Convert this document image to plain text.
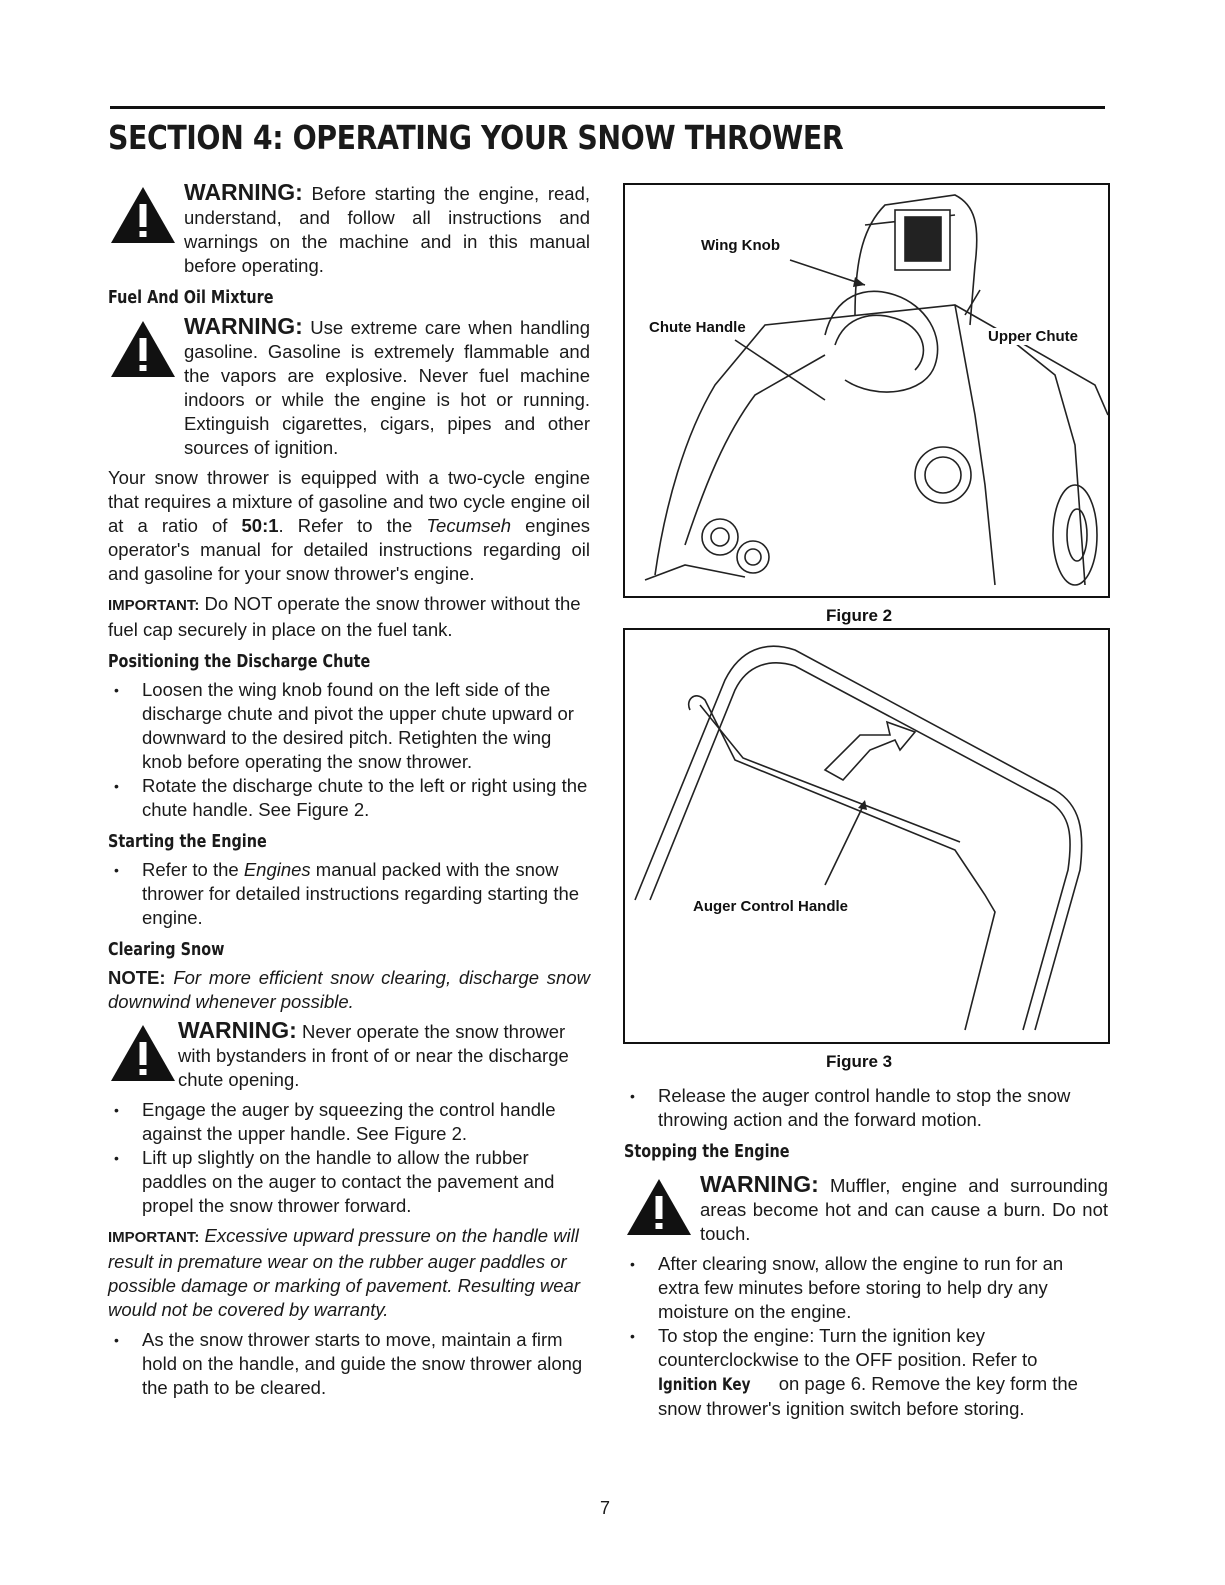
SECTION 4: OPERATING YOUR SNOW THROWER
WARNING: Before starting the engine, read, understand, and follow all instructions and warnings on the machine and in this manual before operating.
Fuel And Oil Mixture
WARNING: Use extreme care when handling gasoline. Gasoline is extremely flammable and the vapors are explosive. Never fuel machine indoors or while the engine is hot or running. Extinguish cigarettes, cigars, pipes and other sources of ignition.

Your snow thrower is equipped with a two-cycle engine that requires a mixture of gasoline and two cycle engine oil at a ratio of 50:1. Refer to the Tecumseh engines operator's manual for detailed instructions regarding oil and gasoline for your snow thrower's engine.

IMPORTANT: Do NOT operate the snow thrower without the fuel cap securely in place on the fuel tank.

Positioning the Discharge Chute
• Loosen the wing knob found on the left side of the discharge chute and pivot the upper chute upward or downward to the desired pitch. Retighten the wing knob before operating the snow thrower.
• Rotate the discharge chute to the left or right using the chute handle. See Figure 2.
Starting the Engine
• Refer to the Engines manual packed with the snow thrower for detailed instructions regarding starting the engine.
Clearing Snow

NOTE: For more efficient snow clearing, discharge snow downwind whenever possible.

WARNING: Never operate the snow thrower with bystanders in front of or near the discharge chute opening.
• Engage the auger by squeezing the control handle against the upper handle. See Figure 2.
• Lift up slightly on the handle to allow the rubber paddles on the auger to contact the pavement and propel the snow thrower forward.

IMPORTANT: Excessive upward pressure on the handle will result in premature wear on the rubber auger paddles or possible damage or marking of pavement. Resulting wear would not be covered by warranty.

• As the snow thrower starts to move, maintain a firm hold on the handle, and guide the snow thrower along the path to be cleared.
Wing Knob
Chute Handle
Upper Chute
Figure 2
Auger Control Handle
Figure 3
• Release the auger control handle to stop the snow throwing action and the forward motion.
Stopping the Engine
WARNING: Muffler, engine and surrounding areas become hot and can cause a burn. Do not touch.
• After clearing snow, allow the engine to run for an extra few minutes before storing to help dry any moisture on the engine.
• To stop the engine: Turn the ignition key counterclockwise to the OFF position. Refer to Ignition Key on page 6. Remove the key form the snow thrower's ignition switch before storing.
7
